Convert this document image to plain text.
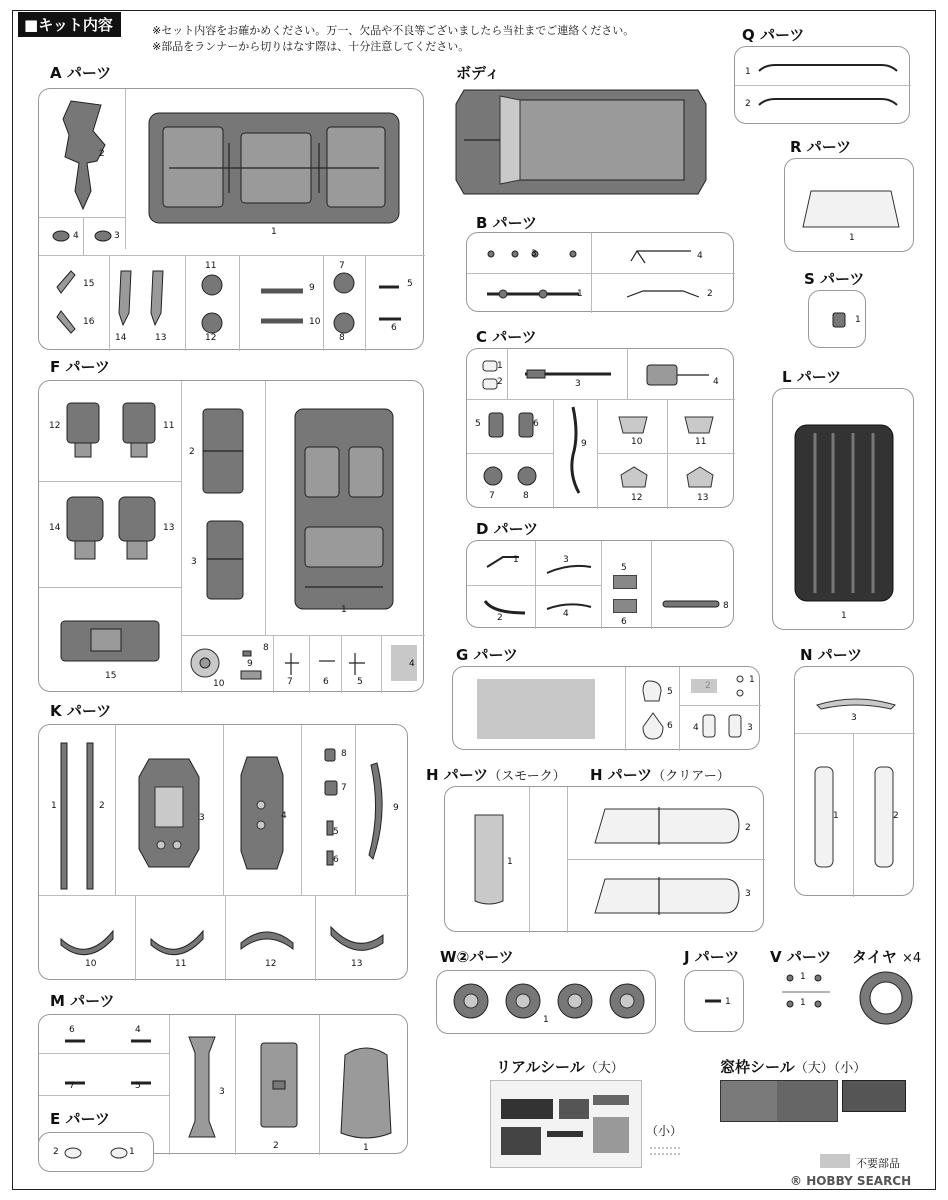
■キット内容	※セット内容をお確かめください。万一、欠品や不良等ございましたら当社までご連絡ください。
※部品をランナーから切りはなす際は、十分注意してください。
A パーツ
2
4	3	1
15
16
14	13
11
12
9
10
7
8
5
6
F パーツ
12	11
2
14	13
3
1
15
8
9
10	7	6	5
4
K パーツ
1	2
3	4
8
7
5
6
9
10	11	12	13
M パーツ
6	4
7	5
3
2	1
E パーツ
2	1
ボディ
B パーツ
3	4
1	2
C パーツ
1
2	3	4
5	6
9	10	11
7	8	12	13
D パーツ
1	3
5
2	4
6
8
G パーツ
5
6
2
1
4	3
H パーツ（スモーク） H パーツ（クリアー）
1
2
3
W②パーツ
1
J パーツ
1
V パーツ
1
1
タイヤ ×4
Q パーツ
1
2
R パーツ
1
S パーツ
1
L パーツ
1
N パーツ
3
1	2
リアルシール（大）
（小）
窓枠シール（大）（小）
不要部品
® HOBBY SEARCH
